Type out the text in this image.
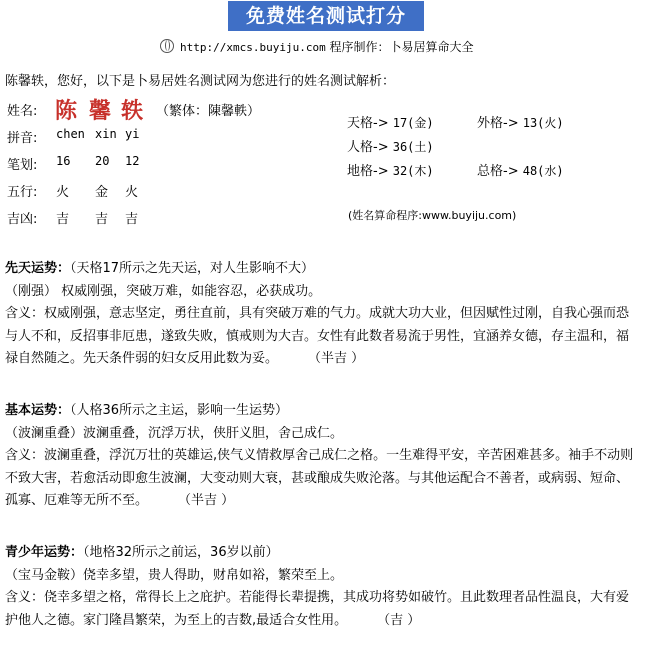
免费姓名测试打分
http://xmcs.buyiju.com 程序制作：卜易居算命大全
陈馨轶，您好，以下是卜易居姓名测试网为您进行的姓名测试解析：
姓名: 陈 馨 轶 （繁体：陳馨軼）
拼音: chen xin yi
笔划: 16 20 12
五行: 火 金 火
吉凶: 吉 吉 吉
天格-> 17(金)	外格-> 13(火)
人格-> 36(土)
地格-> 32(木)	总格-> 48(水)
(姓名算命程序:www.buyiju.com)

先天运势：（天格17所示之先天运，对人生影响不大）

（刚强） 权威刚强，突破万难，如能容忍，必获成功。

含义：权威刚强，意志坚定，勇往直前，具有突破万难的气力。成就大功大业，但因赋性过刚，自我心强而恐与人不和，反招事非厄患，遂致失败，慎戒则为大吉。女性有此数者易流于男性，宜涵养女德，存主温和，福禄自然随之。先天条件弱的妇女反用此数为妥。 （半吉 ）

基本运势：（人格36所示之主运，影响一生运势）

（波澜重叠）波澜重叠，沉浮万状，侠肝义胆，舍己成仁。

含义：波澜重叠，浮沉万壮的英雄运,侠气义情救厚舍己成仁之格。一生难得平安，辛苦困难甚多。袖手不动则不致大害，若愈活动即愈生波澜，大变动则大衰，甚或酿成失败沦落。与其他运配合不善者，或病弱、短命、孤寡、厄难等无所不至。 （半吉 ）

青少年运势：（地格32所示之前运，36岁以前）

（宝马金鞍）侥幸多望，贵人得助，财帛如裕，繁荣至上。

含义：侥幸多望之格，常得长上之庇护。若能得长辈提携，其成功将势如破竹。且此数理者品性温良，大有爱护他人之德。家门隆昌繁荣，为至上的吉数,最适合女性用。 （吉 ）
